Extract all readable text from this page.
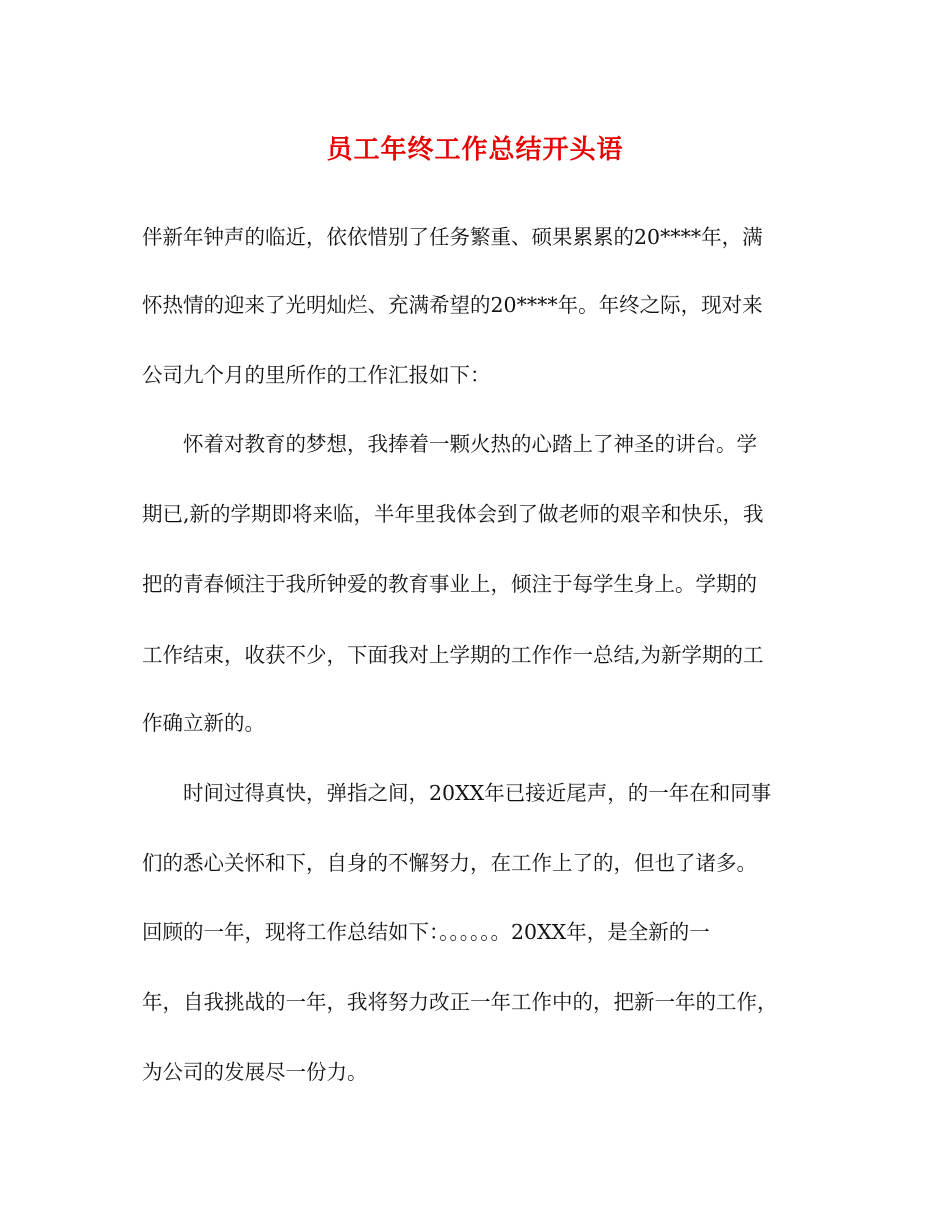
员工年终工作总结开头语
伴新年钟声的临近，依依惜别了任务繁重、硕果累累的20****年，满
怀热情的迎来了光明灿烂、充满希望的20****年。年终之际，现对来
公司九个月的里所作的工作汇报如下：
　　怀着对教育的梦想，我捧着一颗火热的心踏上了神圣的讲台。学
期已,新的学期即将来临，半年里我体会到了做老师的艰辛和快乐，我
把的青春倾注于我所钟爱的教育事业上，倾注于每学生身上。学期的
工作结束，收获不少，下面我对上学期的工作作一总结,为新学期的工
作确立新的。
　　时间过得真快，弹指之间，20XX年已接近尾声，的一年在和同事
们的悉心关怀和下，自身的不懈努力，在工作上了的，但也了诸多。
回顾的一年，现将工作总结如下：。。。。。。20XX年，是全新的一
年，自我挑战的一年，我将努力改正一年工作中的，把新一年的工作，
为公司的发展尽一份力。
